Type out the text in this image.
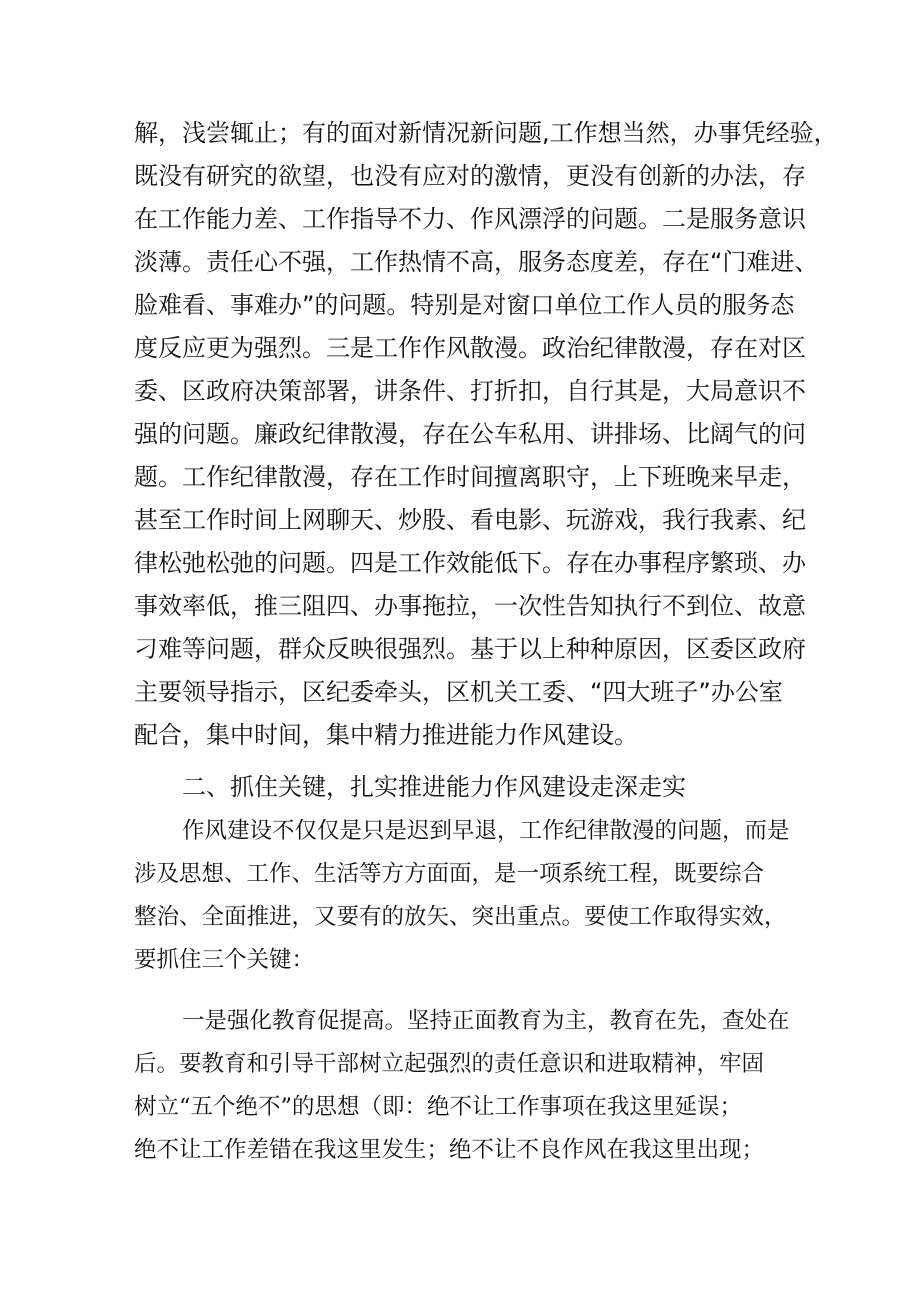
解，浅尝辄止；有的面对新情况新问题,工作想当然，办事凭经验，
既没有研究的欲望，也没有应对的激情，更没有创新的办法，存
在工作能力差、工作指导不力、作风漂浮的问题。二是服务意识
淡薄。责任心不强，工作热情不高，服务态度差，存在“门难进、
脸难看、事难办”的问题。特别是对窗口单位工作人员的服务态
度反应更为强烈。三是工作作风散漫。政治纪律散漫，存在对区
委、区政府决策部署，讲条件、打折扣，自行其是，大局意识不
强的问题。廉政纪律散漫，存在公车私用、讲排场、比阔气的问
题。工作纪律散漫，存在工作时间擅离职守，上下班晚来早走，
甚至工作时间上网聊天、炒股、看电影、玩游戏，我行我素、纪
律松弛松弛的问题。四是工作效能低下。存在办事程序繁琐、办
事效率低，推三阻四、办事拖拉，一次性告知执行不到位、故意
刁难等问题，群众反映很强烈。基于以上种种原因，区委区政府
主要领导指示，区纪委牵头，区机关工委、“四大班子”办公室
配合，集中时间，集中精力推进能力作风建设。
二、抓住关键，扎实推进能力作风建设走深走实
作风建设不仅仅是只是迟到早退，工作纪律散漫的问题，而是
涉及思想、工作、生活等方方面面，是一项系统工程，既要综合
整治、全面推进，又要有的放矢、突出重点。要使工作取得实效，
要抓住三个关键：
一是强化教育促提高。坚持正面教育为主，教育在先，查处在
后。要教育和引导干部树立起强烈的责任意识和进取精神，牢固
树立“五个绝不”的思想（即：绝不让工作事项在我这里延误；
绝不让工作差错在我这里发生；绝不让不良作风在我这里出现；
